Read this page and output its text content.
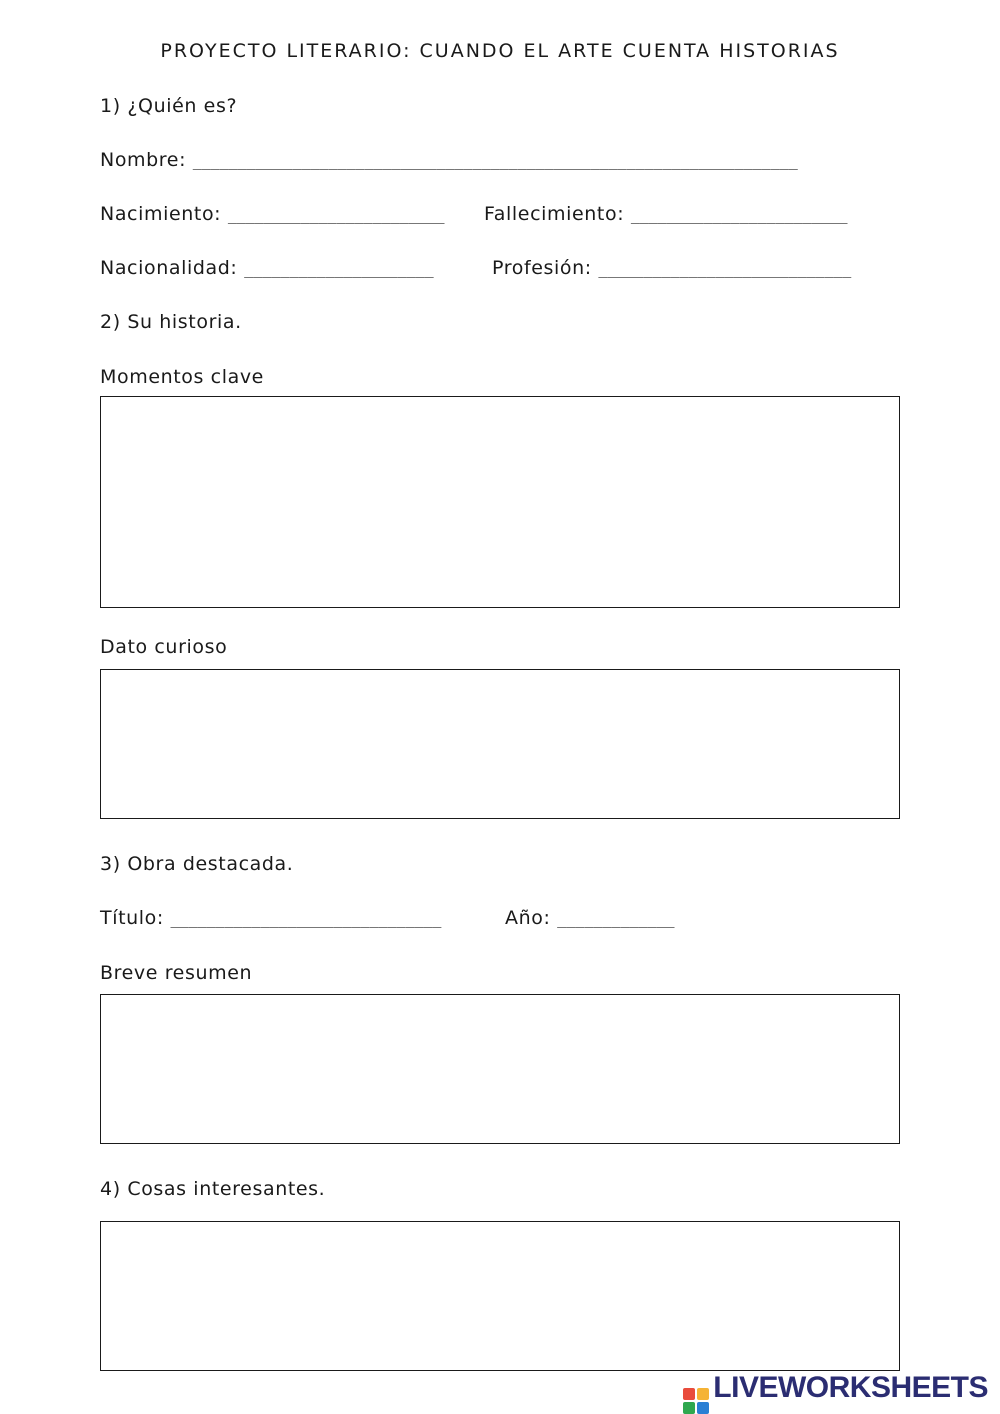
PROYECTO LITERARIO: CUANDO EL ARTE CUENTA HISTORIAS
1) ¿Quién es?
Nombre: ___________________________________________________________________
Nacimiento: ________________________ Fallecimiento: ________________________
Nacionalidad: _____________________	Profesión: ____________________________
2) Su historia.
Momentos clave
Dato curioso
3) Obra destacada.
Título: ______________________________	Año: _____________
Breve resumen
4) Cosas interesantes.
LIVEWORKSHEETS
